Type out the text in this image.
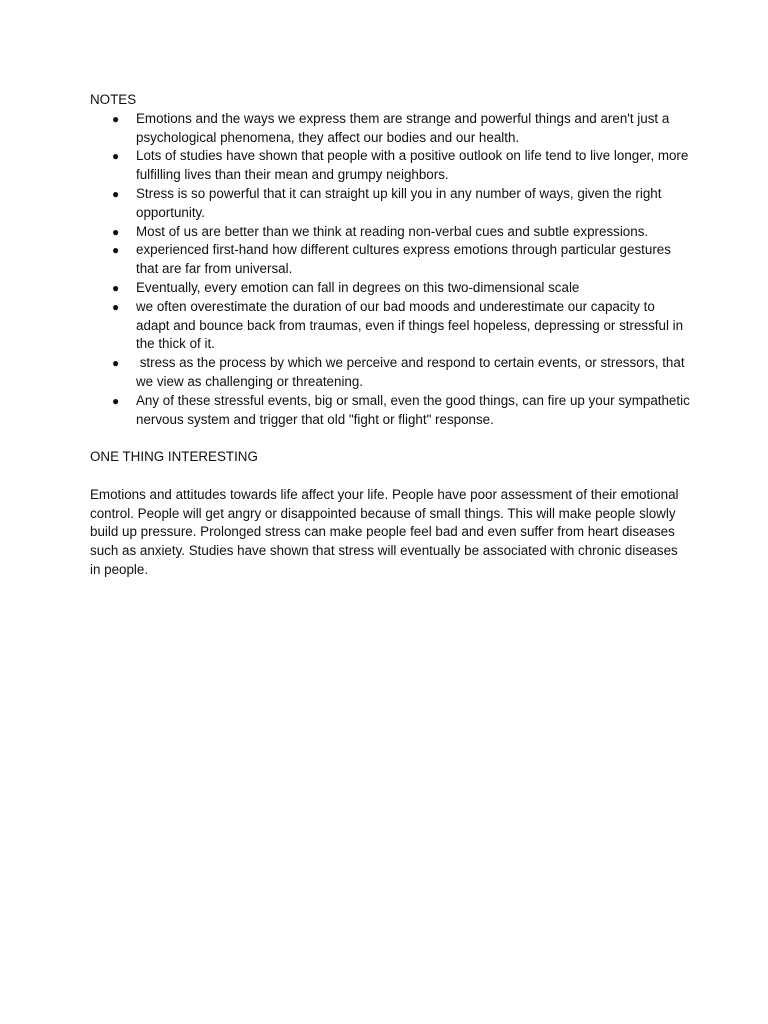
NOTES

● Emotions and the ways we express them are strange and powerful things and aren't just a psychological phenomena, they affect our bodies and our health.
● Lots of studies have shown that people with a positive outlook on life tend to live longer, more fulfilling lives than their mean and grumpy neighbors.
● Stress is so powerful that it can straight up kill you in any number of ways, given the right opportunity.
● Most of us are better than we think at reading non-verbal cues and subtle expressions.
● experienced first-hand how different cultures express emotions through particular gestures that are far from universal.
● Eventually, every emotion can fall in degrees on this two-dimensional scale
● we often overestimate the duration of our bad moods and underestimate our capacity to adapt and bounce back from traumas, even if things feel hopeless, depressing or stressful in the thick of it.
● stress as the process by which we perceive and respond to certain events, or stressors, that we view as challenging or threatening.
● Any of these stressful events, big or small, even the good things, can fire up your sympathetic nervous system and trigger that old "fight or flight" response.

ONE THING INTERESTING

Emotions and attitudes towards life affect your life. People have poor assessment of their emotional control. People will get angry or disappointed because of small things. This will make people slowly build up pressure. Prolonged stress can make people feel bad and even suffer from heart diseases such as anxiety. Studies have shown that stress will eventually be associated with chronic diseases in people.
